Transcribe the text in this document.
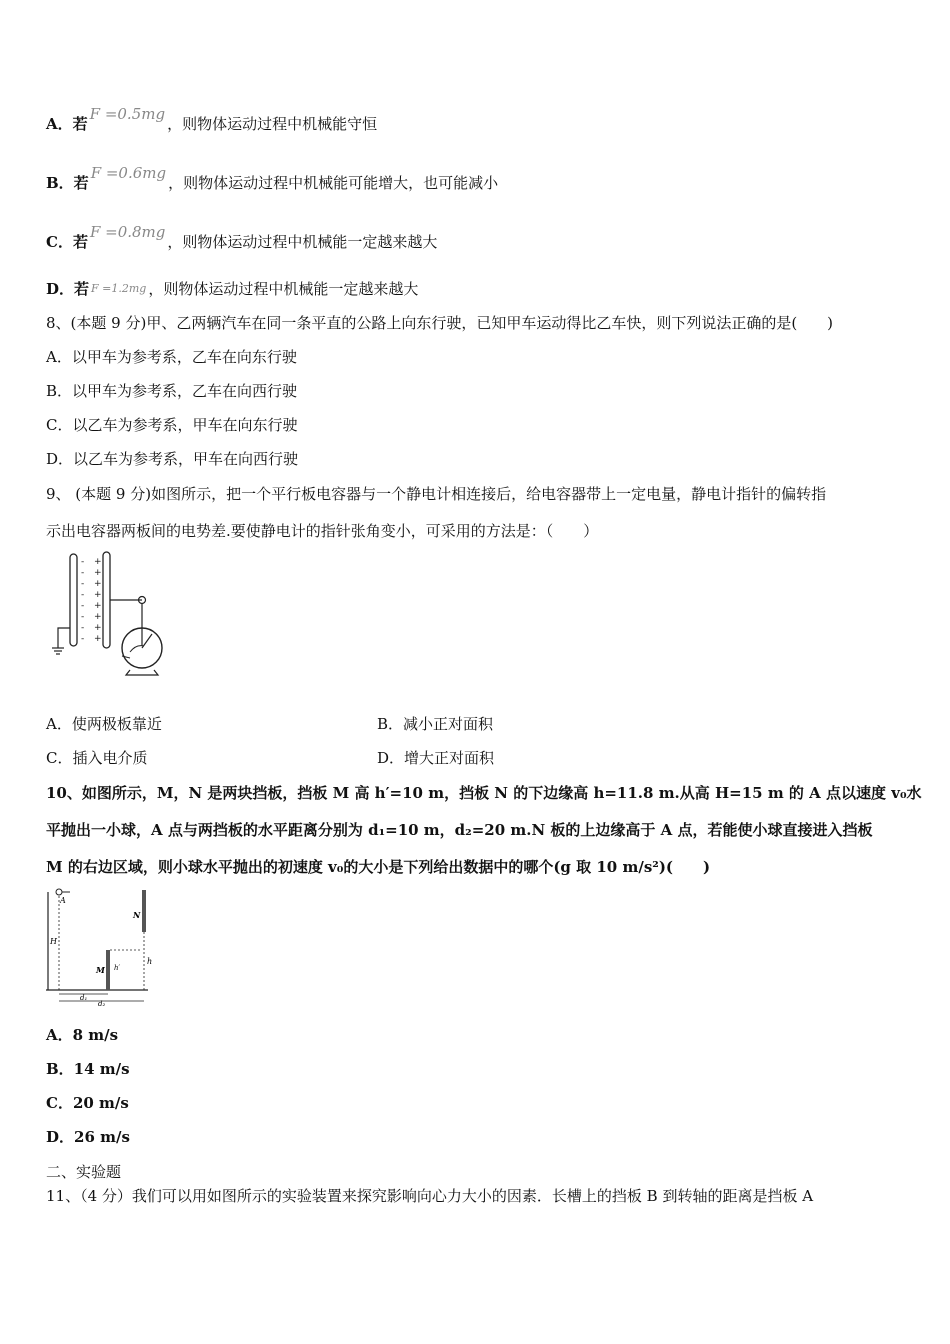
A．若F =0.5mg，则物体运动过程中机械能守恒
B．若F =0.6mg，则物体运动过程中机械能可能增大，也可能减小
C．若F =0.8mg，则物体运动过程中机械能一定越来越大
D．若 F =1.2mg ，则物体运动过程中机械能一定越来越大
8、(本题 9 分)甲、乙两辆汽车在同一条平直的公路上向东行驶，已知甲车运动得比乙车快，则下列说法正确的是(　　)
A．以甲车为参考系，乙车在向东行驶
B．以甲车为参考系，乙车在向西行驶
C．以乙车为参考系，甲车在向东行驶
D．以乙车为参考系，甲车在向西行驶
9、 (本题 9 分)如图所示，把一个平行板电容器与一个静电计相连接后，给电容器带上一定电量，静电计指针的偏转指
示出电容器两板间的电势差.要使静电计的指针张角变小，可采用的方法是：（　　）
-
-
-
-
-
-
-
-
+
+
+
+
+
+
+
+
A．使两极板靠近	B．减小正对面积
C．插入电介质	D．增大正对面积
10、如图所示，M，N 是两块挡板，挡板 M 高 h′=10 m，挡板 N 的下边缘高 h=11.8 m.从高 H=15 m 的 A 点以速度 v₀水
平抛出一小球，A 点与两挡板的水平距离分别为 d₁=10 m，d₂=20 m.N 板的上边缘高于 A 点，若能使小球直接进入挡板
M 的右边区域，则小球水平抛出的初速度 v₀的大小是下列给出数据中的哪个(g 取 10 m/s²)(　　)
A
H
M h′
N
h
d₁
d₂
A．8 m/s
B．14 m/s
C．20 m/s
D．26 m/s
二、实验题
11、（4 分）我们可以用如图所示的实验装置来探究影响向心力大小的因素．长槽上的挡板 B 到转轴的距离是挡板 A
